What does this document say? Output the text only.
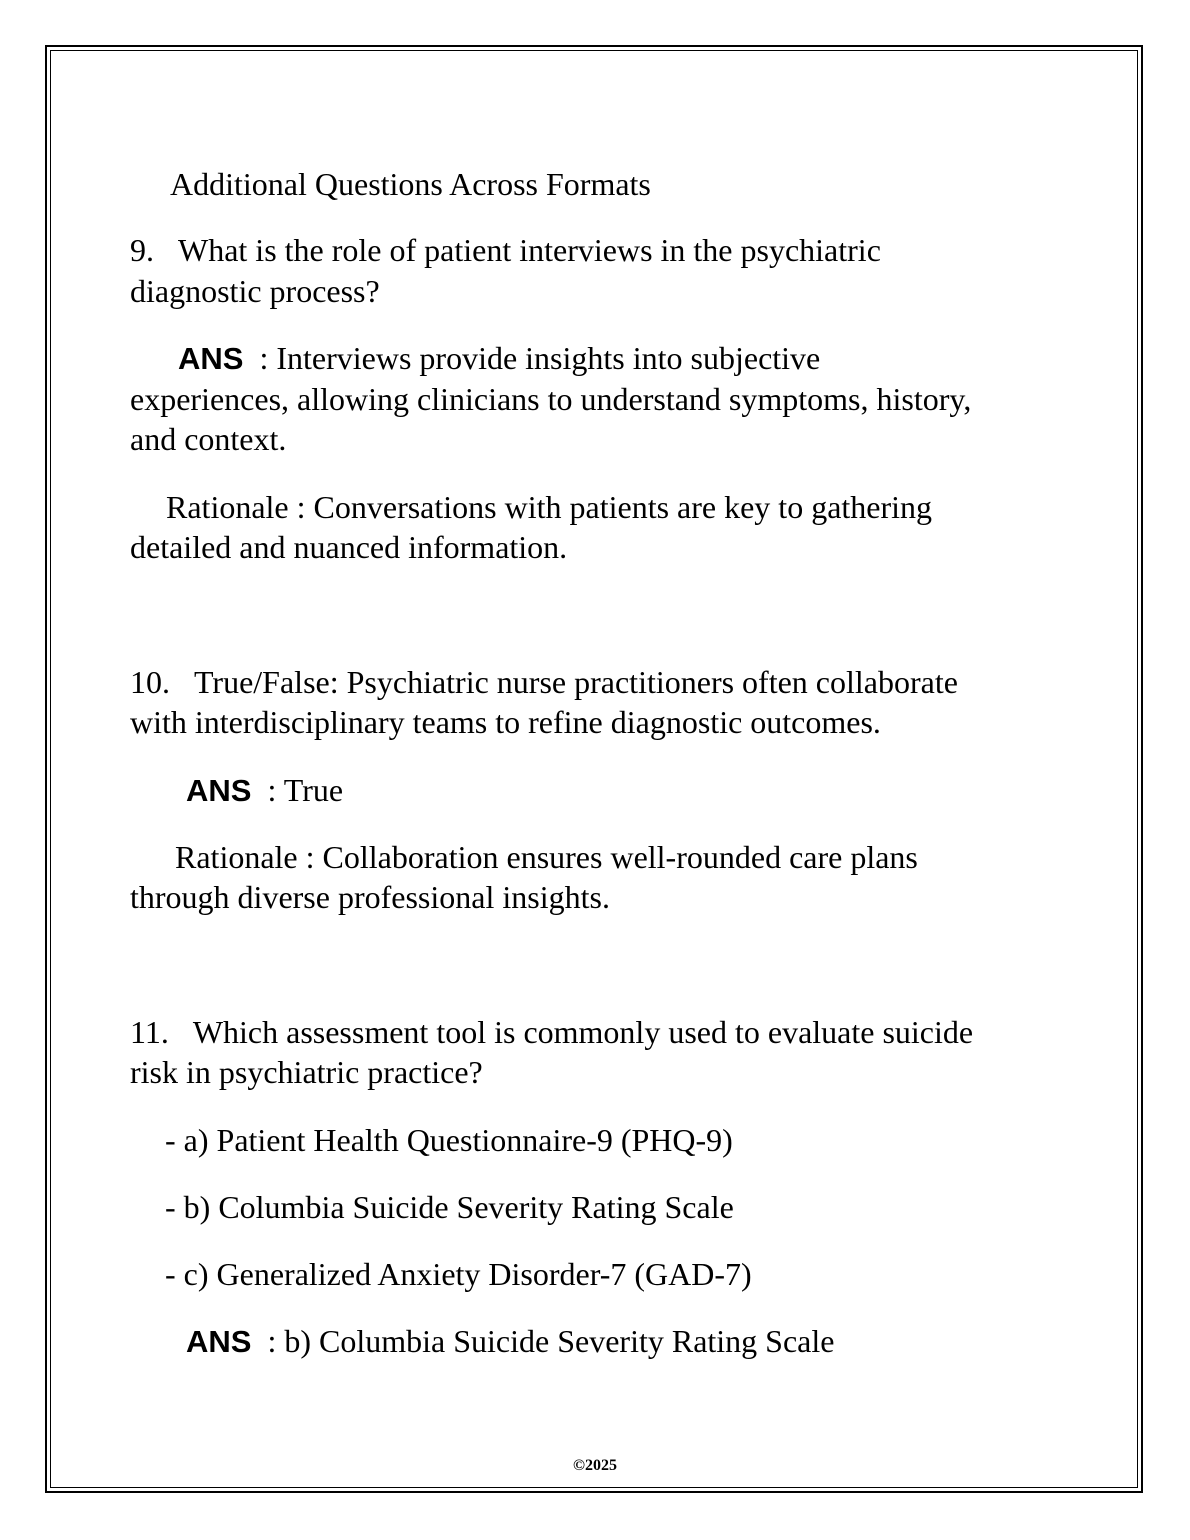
Additional Questions Across Formats
9. What is the role of patient interviews in the psychiatric
diagnostic process?
ANS : Interviews provide insights into subjective
experiences, allowing clinicians to understand symptoms, history,
and context.
Rationale : Conversations with patients are key to gathering
detailed and nuanced information.
10. True/False: Psychiatric nurse practitioners often collaborate
with interdisciplinary teams to refine diagnostic outcomes.
ANS : True
Rationale : Collaboration ensures well-rounded care plans
through diverse professional insights.
11. Which assessment tool is commonly used to evaluate suicide
risk in psychiatric practice?
- a) Patient Health Questionnaire-9 (PHQ-9)
- b) Columbia Suicide Severity Rating Scale
- c) Generalized Anxiety Disorder-7 (GAD-7)
ANS : b) Columbia Suicide Severity Rating Scale
©2025
